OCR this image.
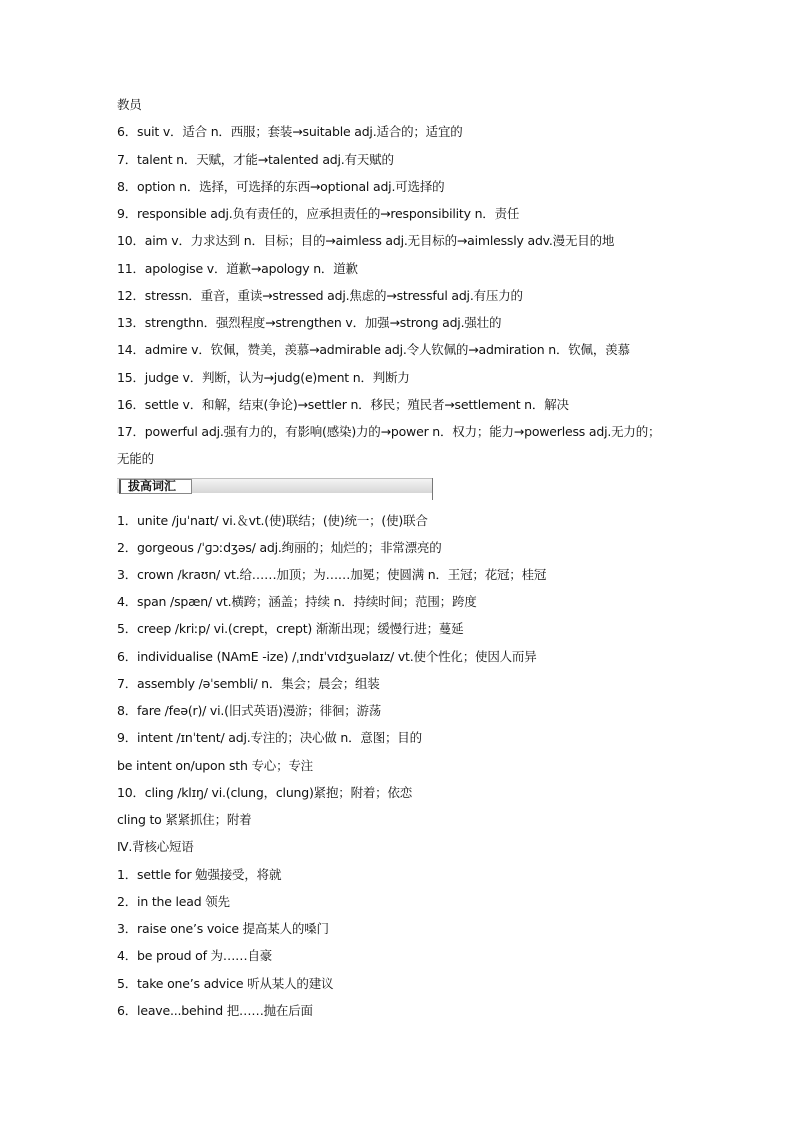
教员
6．suit v．适合 n．西服；套装→suitable adj.适合的；适宜的
7．talent n．天赋，才能→talented adj.有天赋的
8．option n．选择，可选择的东西→optional adj.可选择的
9．responsible adj.负有责任的，应承担责任的→responsibility n．责任
10．aim v．力求达到 n．目标；目的→aimless adj.无目标的→aimlessly adv.漫无目的地
11．apologise v．道歉→apology n．道歉
12．stressn．重音，重读→stressed adj.焦虑的→stressful adj.有压力的
13．strengthn．强烈程度→strengthen v．加强→strong adj.强壮的
14．admire v．钦佩，赞美，羡慕→admirable adj.令人钦佩的→admiration n．钦佩，羡慕
15．judge v．判断，认为→judg(e)ment n．判断力
16．settle v．和解，结束(争论)→settler n．移民；殖民者→settlement n．解决
17．powerful adj.强有力的，有影响(感染)力的→power n．权力；能力→powerless adj.无力的；
无能的
拔高词汇
1．unite /juˈnaɪt/ vi.＆vt.(使)联结；(使)统一；(使)联合
2．gorgeous /ˈɡɔːdʒəs/ adj.绚丽的；灿烂的；非常漂亮的
3．crown /kraʊn/ vt.给……加顶；为……加冕；使圆满 n．王冠；花冠；桂冠
4．span /spæn/ vt.横跨；涵盖；持续 n．持续时间；范围；跨度
5．creep /kriːp/ vi.(crept，crept) 渐渐出现；缓慢行进；蔓延
6．individualise (NAmE -ize) /ˌɪndɪˈvɪdʒuəlaɪz/ vt.使个性化；使因人而异
7．assembly /əˈsembli/ n．集会；晨会；组装
8．fare /feə(r)/ vi.(旧式英语)漫游；徘徊；游荡
9．intent /ɪnˈtent/ adj.专注的；决心做 n．意图；目的
be intent on/upon sth 专心；专注
10．cling /klɪŋ/ vi.(clung，clung)紧抱；附着；依恋
cling to 紧紧抓住；附着
Ⅳ.背核心短语
1．settle for 勉强接受，将就
2．in the lead 领先
3．raise one’s voice 提高某人的嗓门
4．be proud of 为……自豪
5．take one’s advice 听从某人的建议
6．leave...behind 把……抛在后面
